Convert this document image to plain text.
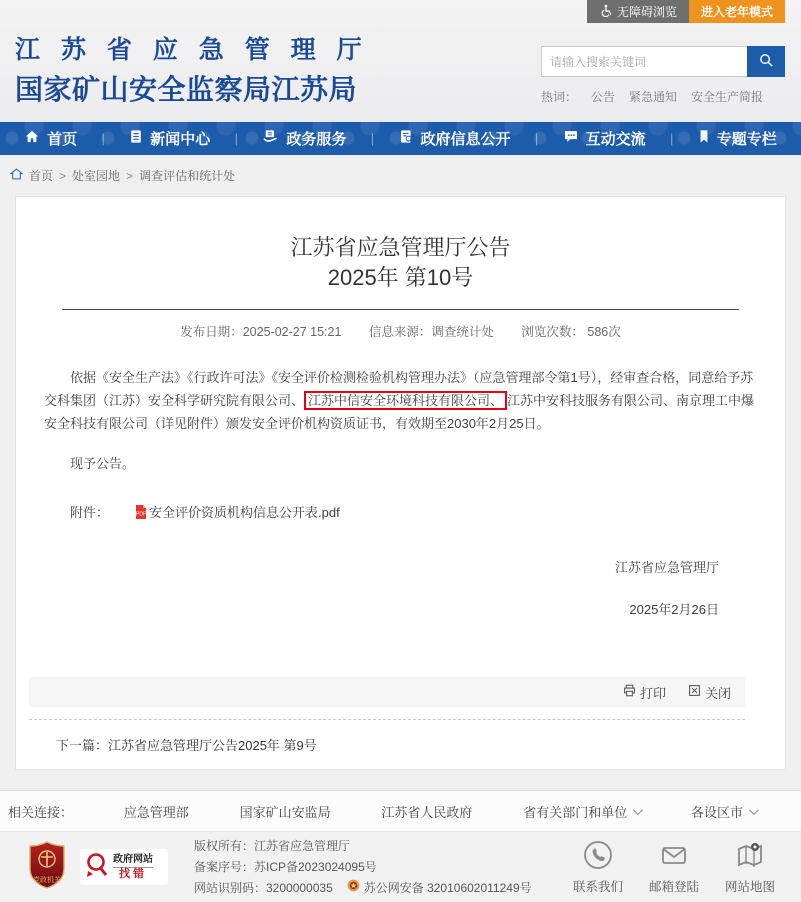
无障碍浏览 进入老年模式
江 苏 省 应 急 管 理 厅
国家矿山安全监察局江苏局
请输入搜索关键词	热词： 公告 紧急通知 安全生产简报
首页 |	新闻中心 |	政务服务 |	政府信息公开 |	互动交流 |	专题专栏
首页 > 处室园地 > 调查评估和统计处
江苏省应急管理厅公告
2025年 第10号
发布日期：2025-02-27 15:21 信息来源：调查统计处 浏览次数： 586次

依据《安全生产法》《行政许可法》《安全评价检测检验机构管理办法》（应急管理部令第1号），经审查合格，同意给予苏交科集团（江苏）安全科学研究院有限公司、 江苏中信安全环境科技有限公司、 江苏中安科技服务有限公司、南京理工中爆安全科技有限公司（详见附件）颁发安全评价机构资质证书，有效期至2030年2月25日。

现予公告。

附件：	PDF 安全评价资质机构信息公开表.pdf

江苏省应急管理厅
2025年2月26日
打印	关闭
下一篇：江苏省应急管理厅公告2025年 第9号
相关连接：	应急管理部	国家矿山安监局	江苏省人民政府	省有关部门和单位	各设区市
党政机关
政府网站
找错
版权所有：江苏省应急管理厅
备案序号：苏ICP备2023024095号
网站识别码：3200000035	苏公网安备 32010602011249号	联系我们 邮箱登陆 网站地图
